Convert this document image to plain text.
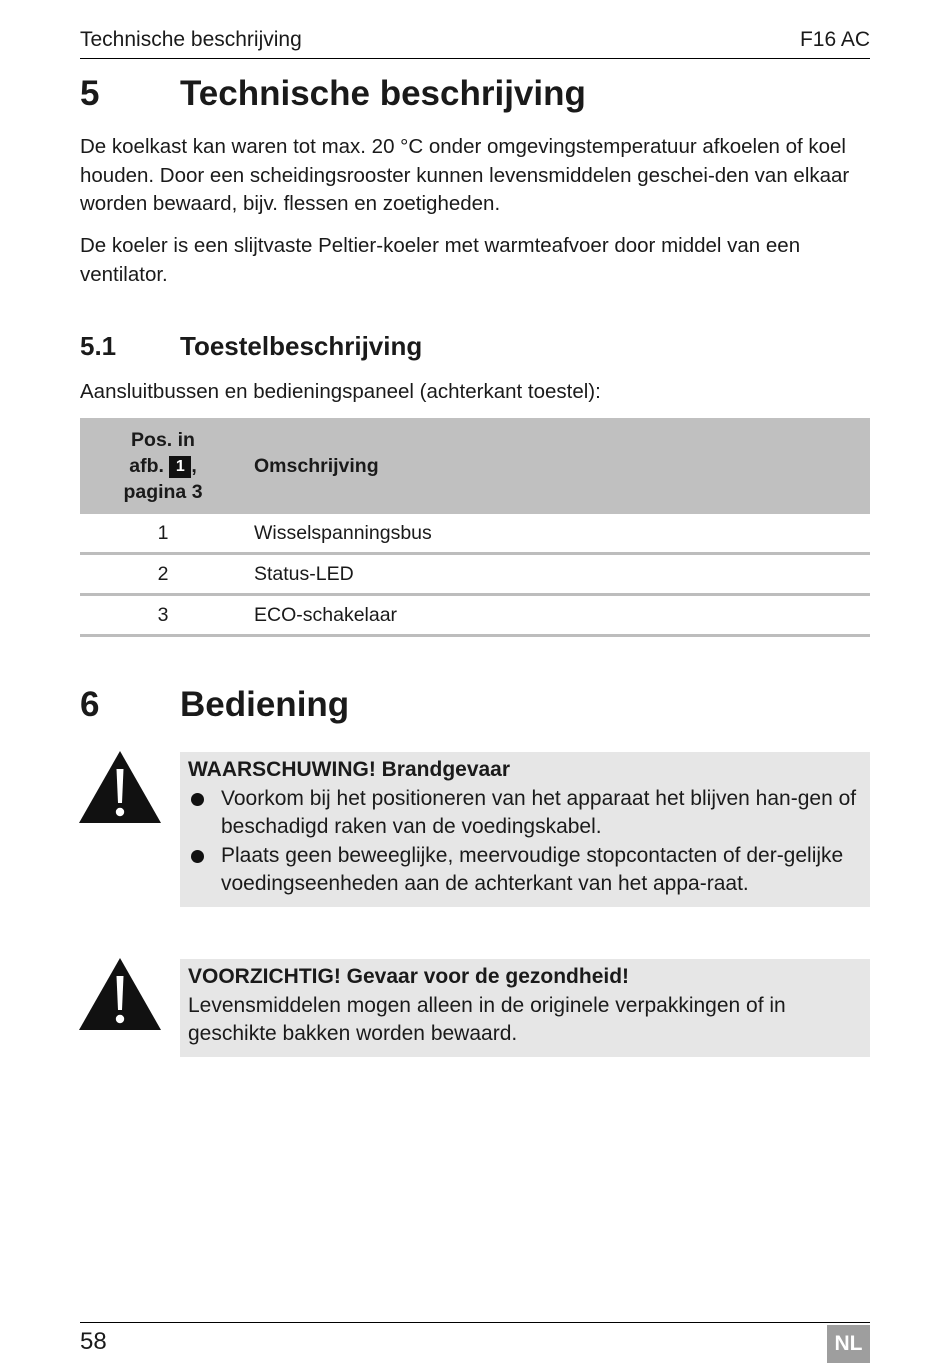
Technische beschrijving	F16 AC
5 Technische beschrijving

De koelkast kan waren tot max. 20 °C onder omgevingstemperatuur afkoelen of koel houden. Door een scheidingsrooster kunnen levensmiddelen geschei-den van elkaar worden bewaard, bijv. flessen en zoetigheden.

De koeler is een slijtvaste Peltier-koeler met warmteafvoer door middel van een ventilator.

5.1 Toestelbeschrijving

Aansluitbussen en bedieningspaneel (achterkant toestel):

Pos. in
afb. 1 ,
pagina 3	Omschrijving
1	Wisselspanningsbus
2	Status-LED
3	ECO-schakelaar
6 Bediening
WAARSCHUWING! Brandgevaar
Voorkom bij het positioneren van het apparaat het blijven han-gen of beschadigd raken van de voedingskabel.
Plaats geen beweeglijke, meervoudige stopcontacten of der-gelijke voedingseenheden aan de achterkant van het appa-raat.
VOORZICHTIG! Gevaar voor de gezondheid!
Levensmiddelen mogen alleen in de originele verpakkingen of in geschikte bakken worden bewaard.
58	NL
